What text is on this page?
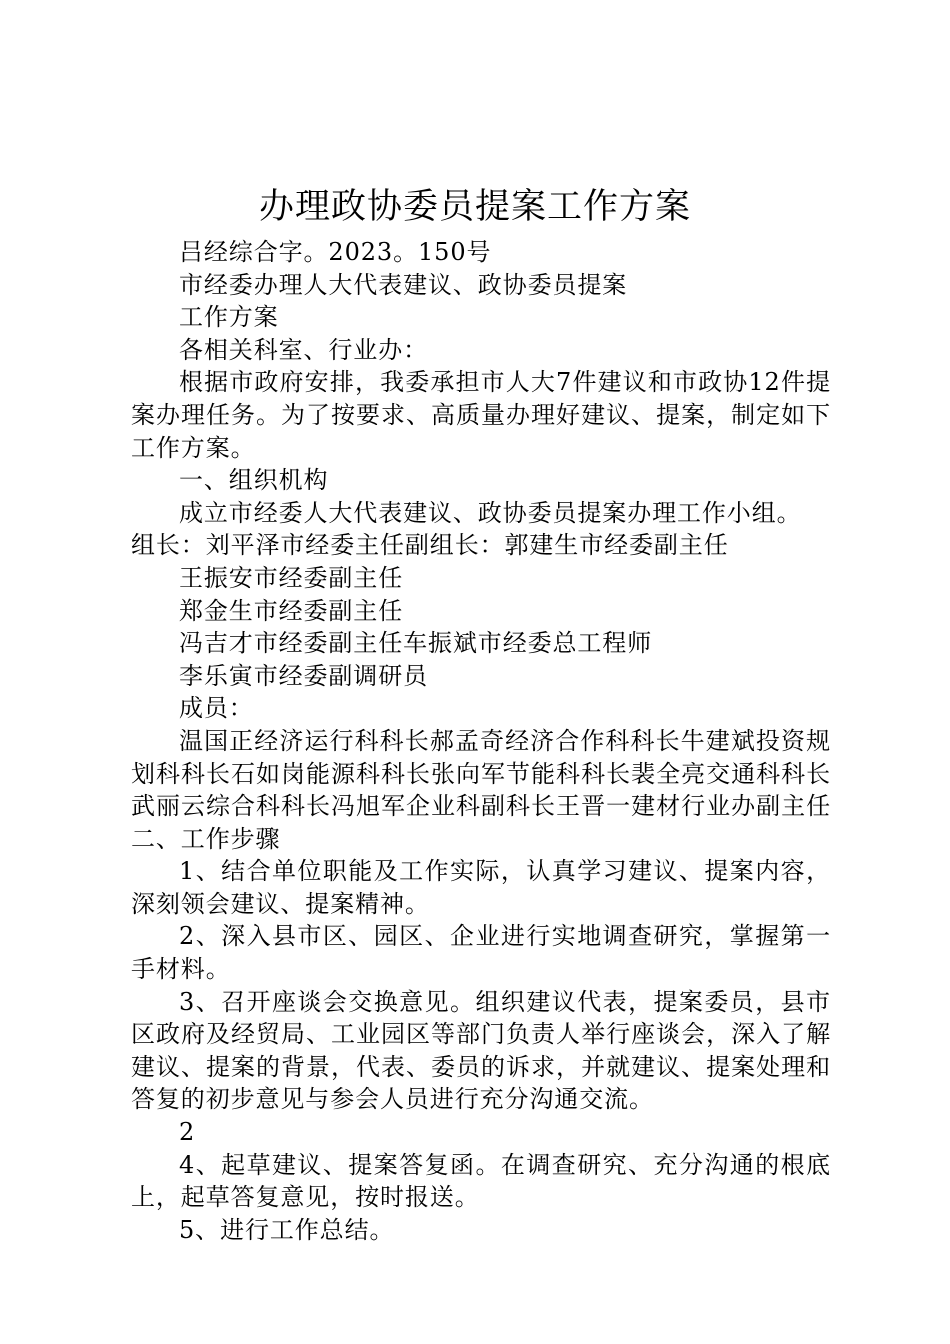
办理政协委员提案工作方案

吕经综合字。2023。150号

市经委办理人大代表建议、政协委员提案

工作方案

各相关科室、行业办：

根据市政府安排，我委承担市人大7件建议和市政协12件提案办理任务。为了按要求、高质量办理好建议、提案，制定如下工作方案。

一、组织机构

成立市经委人大代表建议、政协委员提案办理工作小组。

组长：刘平泽市经委主任副组长：郭建生市经委副主任

王振安市经委副主任

郑金生市经委副主任

冯吉才市经委副主任车振斌市经委总工程师

李乐寅市经委副调研员

成员：

温国正经济运行科科长郝孟奇经济合作科科长牛建斌投资规划科科长石如岗能源科科长张向军节能科科长裴全亮交通科科长武丽云综合科科长冯旭军企业科副科长王晋一建材行业办副主任二、工作步骤

1、结合单位职能及工作实际，认真学习建议、提案内容，深刻领会建议、提案精神。

2、深入县市区、园区、企业进行实地调查研究，掌握第一手材料。

3、召开座谈会交换意见。组织建议代表，提案委员，县市区政府及经贸局、工业园区等部门负责人举行座谈会，深入了解建议、提案的背景，代表、委员的诉求，并就建议、提案处理和答复的初步意见与参会人员进行充分沟通交流。

2

4、起草建议、提案答复函。在调查研究、充分沟通的根底上，起草答复意见，按时报送。

5、进行工作总结。
